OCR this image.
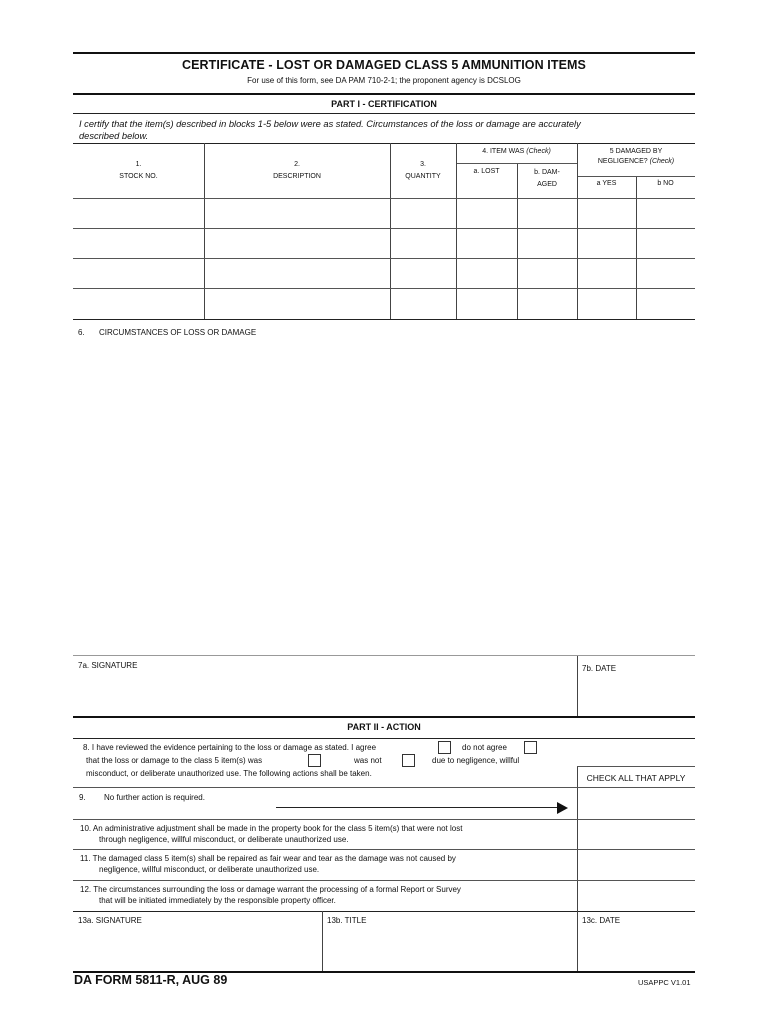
CERTIFICATE - LOST OR DAMAGED CLASS 5 AMMUNITION ITEMS
For use of this form, see DA PAM 710-2-1; the proponent agency is DCSLOG
PART I - CERTIFICATION
I certify that the item(s) described in blocks 1-5 below were as stated. Circumstances of the loss or damage are accurately
described below.
1.
STOCK NO.
2.
DESCRIPTION
3.
QUANTITY
4. ITEM WAS (Check)
a. LOST	b. DAM-
AGED
5 DAMAGED BY
NEGLIGENCE? (Check)
a YES	b NO
6. CIRCUMSTANCES OF LOSS OR DAMAGE
7a. SIGNATURE	7b. DATE
PART II - ACTION
8. I have reviewed the evidence pertaining to the loss or damage as stated. I agree	do not agree
that the loss or damage to the class 5 item(s) was	was not	due to negligence, willful
misconduct, or deliberate unauthorized use. The following actions shall be taken.	CHECK ALL THAT APPLY
9. No further action is required.
10. An administrative adjustment shall be made in the property book for the class 5 item(s) that were not lost
through negligence, willful misconduct, or deliberate unauthorized use.
11. The damaged class 5 item(s) shall be repaired as fair wear and tear as the damage was not caused by
negligence, willful misconduct, or deliberate unauthorized use.
12. The circumstances surrounding the loss or damage warrant the processing of a formal Report or Survey
that will be initiated immediately by the responsible property officer.
13a. SIGNATURE	13b. TITLE	13c. DATE
DA FORM 5811-R, AUG 89	USAPPC V1.01
